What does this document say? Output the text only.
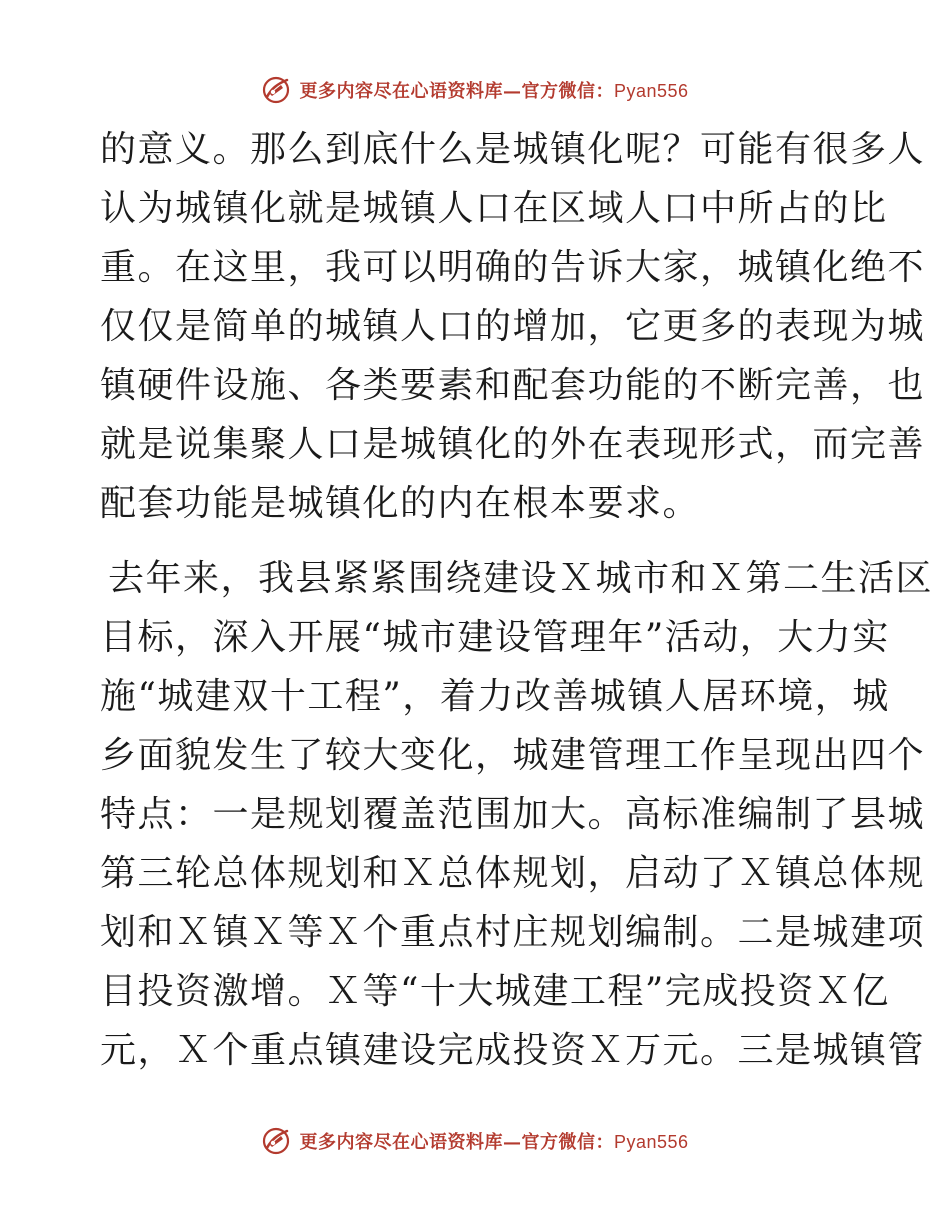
更多内容尽在心语资料库—官方微信：Pyan556
的意义。那么到底什么是城镇化呢？可能有很多人
认为城镇化就是城镇人口在区域人口中所占的比
重。在这里，我可以明确的告诉大家，城镇化绝不
仅仅是简单的城镇人口的增加，它更多的表现为城
镇硬件设施、各类要素和配套功能的不断完善，也
就是说集聚人口是城镇化的外在表现形式，而完善
配套功能是城镇化的内在根本要求。
去年来，我县紧紧围绕建设Ｘ城市和Ｘ第二生活区
目标，深入开展“城市建设管理年”活动，大力实
施“城建双十工程”，着力改善城镇人居环境，城
乡面貌发生了较大变化，城建管理工作呈现出四个
特点：一是规划覆盖范围加大。高标准编制了县城
第三轮总体规划和Ｘ总体规划，启动了Ｘ镇总体规
划和Ｘ镇Ｘ等Ｘ个重点村庄规划编制。二是城建项
目投资激增。Ｘ等“十大城建工程”完成投资Ｘ亿
元，Ｘ个重点镇建设完成投资Ｘ万元。三是城镇管
更多内容尽在心语资料库—官方微信：Pyan556
